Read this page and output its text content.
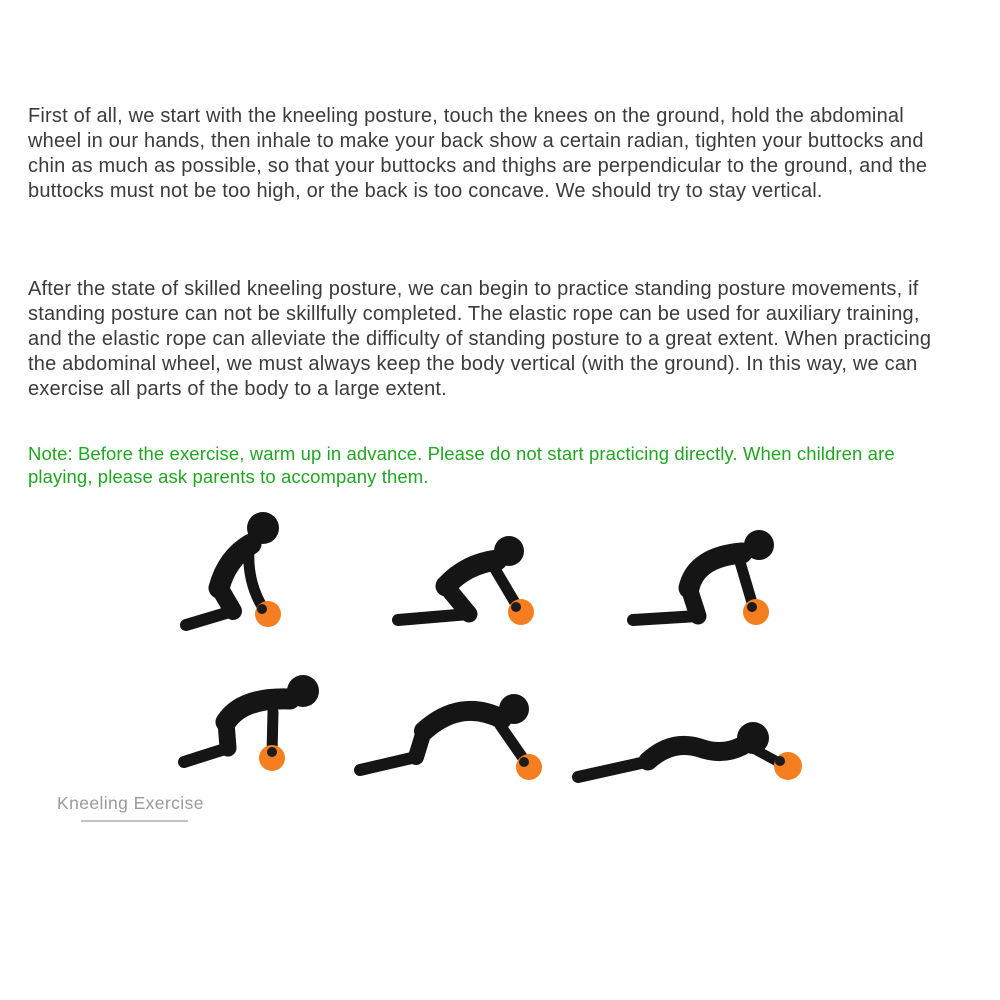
First of all, we start with the kneeling posture, touch the knees on the ground, hold the abdominal wheel in our hands, then inhale to make your back show a certain radian, tighten your buttocks and chin as much as possible, so that your buttocks and thighs are perpendicular to the ground, and the buttocks must not be too high, or the back is too concave. We should try to stay vertical.

After the state of skilled kneeling posture, we can begin to practice standing posture movements, if standing posture can not be skillfully completed. The elastic rope can be used for auxiliary training, and the elastic rope can alleviate the difficulty of standing posture to a great extent. When practicing the abdominal wheel, we must always keep the body vertical (with the ground). In this way, we can exercise all parts of the body to a large extent.

Note: Before the exercise, warm up in advance. Please do not start practicing directly. When children are playing, please ask parents to accompany them.

Kneeling Exercise
